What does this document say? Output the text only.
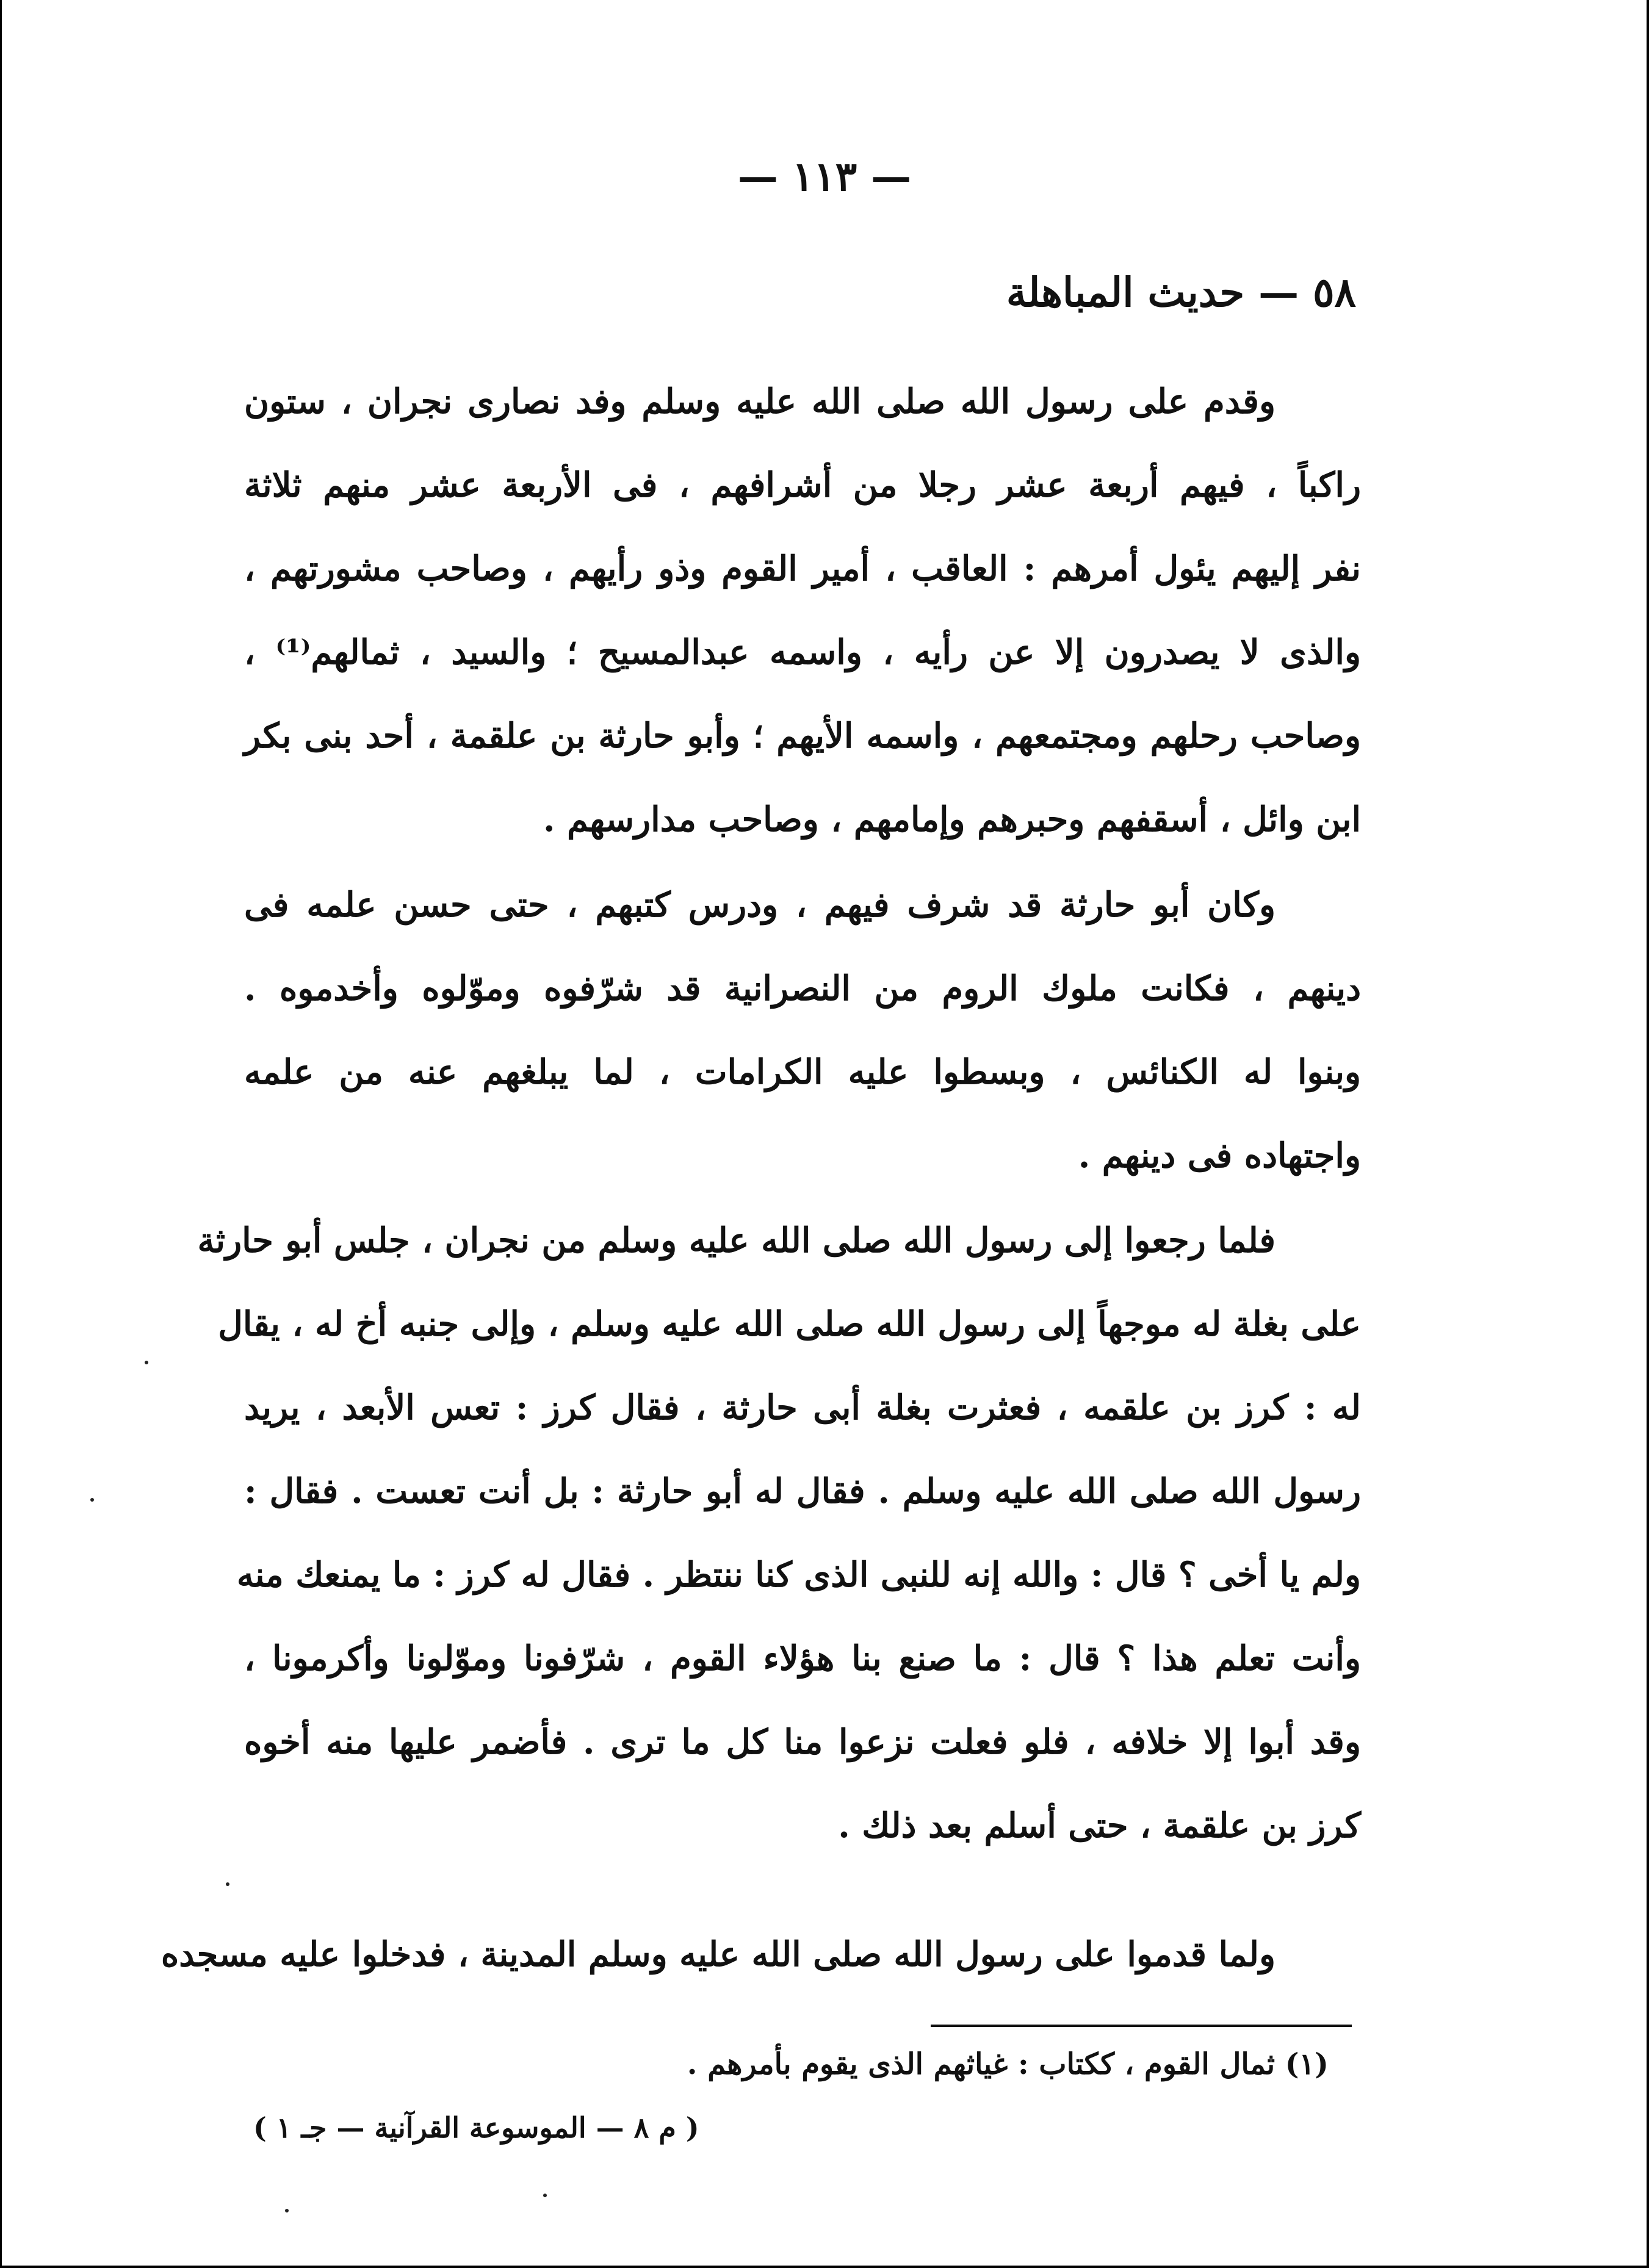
— ١١٣ —
٥٨ — حديث المباهلة
وقدم على رسول الله صلى الله عليه وسلم وفد نصارى نجران ، ستون
راكباً ، فيهم أربعة عشر رجلا من أشرافهم ، فى الأربعة عشر منهم ثلاثة
نفر إليهم يئول أمرهم : العاقب ، أمير القوم وذو رأيهم ، وصاحب مشورتهم ،
والذى لا يصدرون إلا عن رأيه ، واسمه عبدالمسيح ؛ والسيد ، ثمالهم⁽¹⁾ ،
وصاحب رحلهم ومجتمعهم ، واسمه الأيهم ؛ وأبو حارثة بن علقمة ، أحد بنى بكر
ابن وائل ، أسقفهم وحبرهم وإمامهم ، وصاحب مدارسهم .
وكان أبو حارثة قد شرف فيهم ، ودرس كتبهم ، حتى حسن علمه فى
دينهم ، فكانت ملوك الروم من النصرانية قد شرّفوه وموّلوه وأخدموه .
وبنوا له الكنائس ، وبسطوا عليه الكرامات ، لما يبلغهم عنه من علمه
واجتهاده فى دينهم .
فلما رجعوا إلى رسول الله صلى الله عليه وسلم من نجران ، جلس أبو حارثة
على بغلة له موجهاً إلى رسول الله صلى الله عليه وسلم ، وإلى جنبه أخ له ، يقال
له : كرز بن علقمه ، فعثرت بغلة أبى حارثة ، فقال كرز : تعس الأبعد ، يريد
رسول الله صلى الله عليه وسلم . فقال له أبو حارثة : بل أنت تعست . فقال :
ولم يا أخى ؟ قال : والله إنه للنبى الذى كنا ننتظر . فقال له كرز : ما يمنعك منه
وأنت تعلم هذا ؟ قال : ما صنع بنا هؤلاء القوم ، شرّفونا وموّلونا وأكرمونا ،
وقد أبوا إلا خلافه ، فلو فعلت نزعوا منا كل ما ترى . فأضمر عليها منه أخوه
كرز بن علقمة ، حتى أسلم بعد ذلك .
ولما قدموا على رسول الله صلى الله عليه وسلم المدينة ، فدخلوا عليه مسجده
(١) ثمال القوم ، ككتاب : غياثهم الذى يقوم بأمرهم .
( م ٨ — الموسوعة القرآنية — جـ ١ )
